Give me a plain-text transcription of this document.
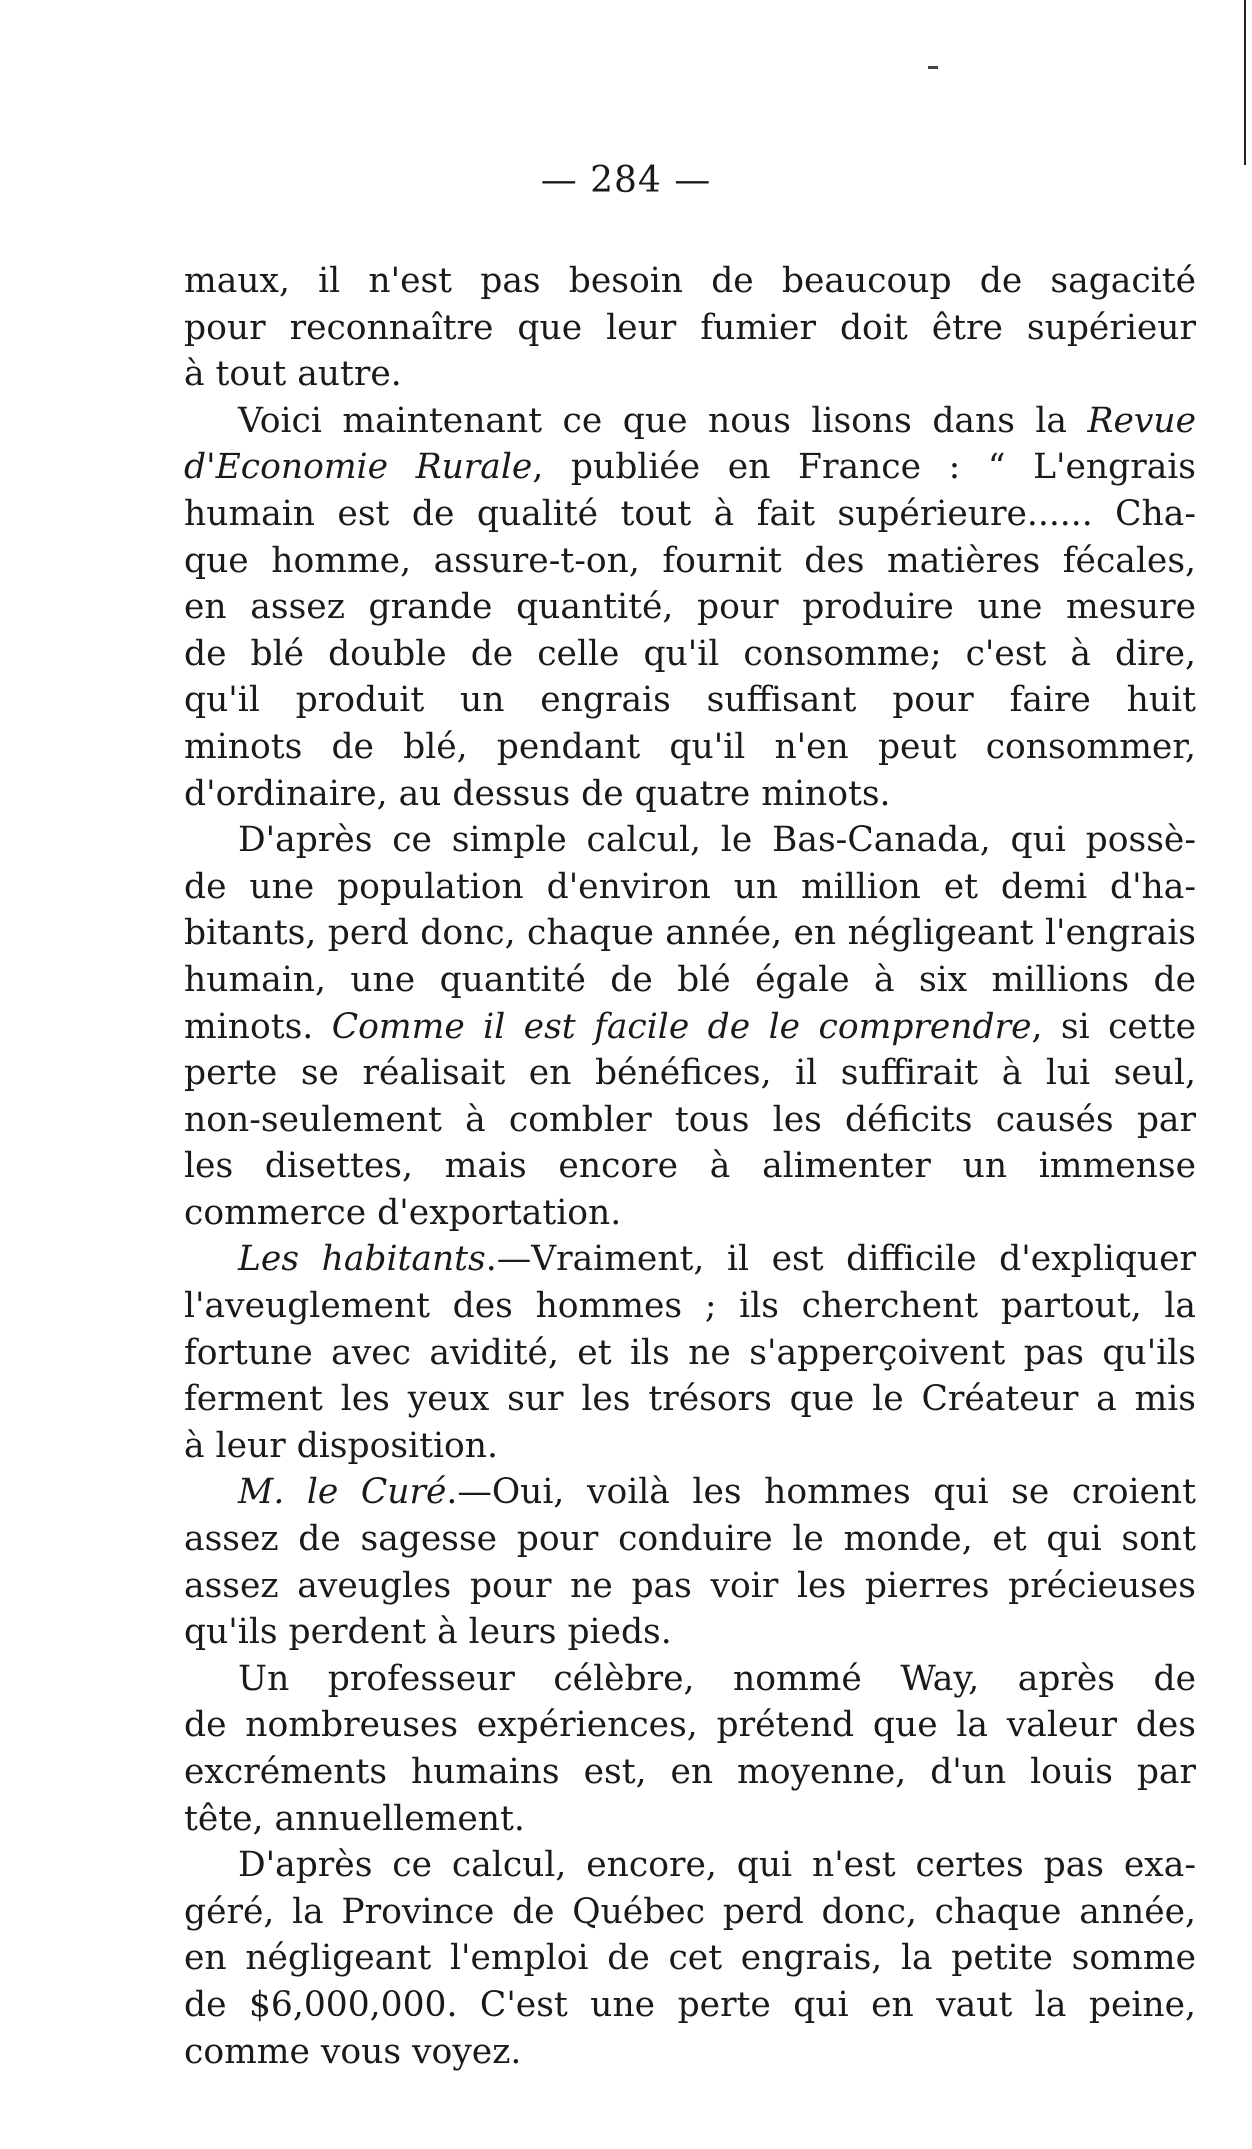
— 284 —
maux, il n'est pas besoin de beaucoup de sagacité
pour reconnaître que leur fumier doit être supérieur
à tout autre.
Voici maintenant ce que nous lisons dans la Revue
d'Economie Rurale, publiée en France : “ L'engrais
humain est de qualité tout à fait supérieure...... Cha-
que homme, assure-t-on, fournit des matières fécales,
en assez grande quantité, pour produire une mesure
de blé double de celle qu'il consomme; c'est à dire,
qu'il produit un engrais suffisant pour faire huit
minots de blé, pendant qu'il n'en peut consommer,
d'ordinaire, au dessus de quatre minots.
D'après ce simple calcul, le Bas-Canada, qui possè-
de une population d'environ un million et demi d'ha-
bitants, perd donc, chaque année, en négligeant l'engrais
humain, une quantité de blé égale à six millions de
minots. Comme il est facile de le comprendre, si cette
perte se réalisait en bénéfices, il suffirait à lui seul,
non-seulement à combler tous les déficits causés par
les disettes, mais encore à alimenter un immense
commerce d'exportation.
Les habitants.—Vraiment, il est difficile d'expliquer
l'aveuglement des hommes ; ils cherchent partout, la
fortune avec avidité, et ils ne s'apperçoivent pas qu'ils
ferment les yeux sur les trésors que le Créateur a mis
à leur disposition.
M. le Curé.—Oui, voilà les hommes qui se croient
assez de sagesse pour conduire le monde, et qui sont
assez aveugles pour ne pas voir les pierres précieuses
qu'ils perdent à leurs pieds.
Un professeur célèbre, nommé Way, après de
de nombreuses expériences, prétend que la valeur des
excréments humains est, en moyenne, d'un louis par
tête, annuellement.
D'après ce calcul, encore, qui n'est certes pas exa-
géré, la Province de Québec perd donc, chaque année,
en négligeant l'emploi de cet engrais, la petite somme
de $6,000,000. C'est une perte qui en vaut la peine,
comme vous voyez.
